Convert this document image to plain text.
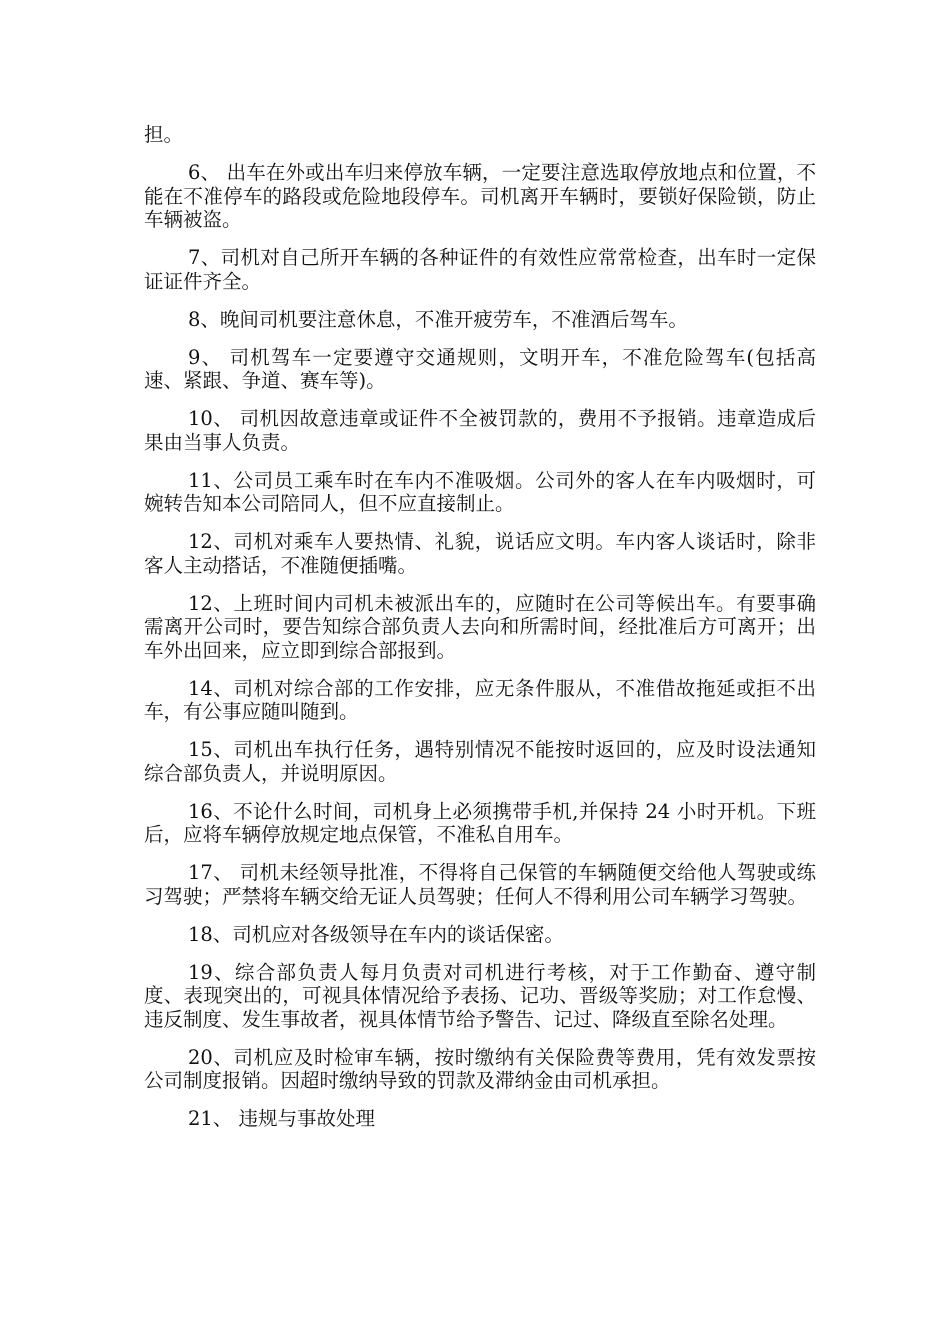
担。

6、 出车在外或出车归来停放车辆，一定要注意选取停放地点和位置，不能在不准停车的路段或危险地段停车。司机离开车辆时，要锁好保险锁，防止车辆被盗。

7、司机对自己所开车辆的各种证件的有效性应常常检查，出车时一定保证证件齐全。

8、晚间司机要注意休息，不准开疲劳车，不准酒后驾车。

9、 司机驾车一定要遵守交通规则，文明开车，不准危险驾车(包括高速、紧跟、争道、赛车等)。

10、 司机因故意违章或证件不全被罚款的，费用不予报销。违章造成后果由当事人负责。

11、公司员工乘车时在车内不准吸烟。公司外的客人在车内吸烟时，可婉转告知本公司陪同人，但不应直接制止。

12、司机对乘车人要热情、礼貌，说话应文明。车内客人谈话时，除非客人主动搭话，不准随便插嘴。

12、上班时间内司机未被派出车的，应随时在公司等候出车。有要事确需离开公司时，要告知综合部负责人去向和所需时间，经批准后方可离开；出车外出回来，应立即到综合部报到。

14、司机对综合部的工作安排，应无条件服从，不准借故拖延或拒不出车，有公事应随叫随到。

15、司机出车执行任务，遇特别情况不能按时返回的，应及时设法通知综合部负责人，并说明原因。

16、不论什么时间，司机身上必须携带手机,并保持 24 小时开机。下班后，应将车辆停放规定地点保管，不准私自用车。

17、 司机未经领导批准，不得将自己保管的车辆随便交给他人驾驶或练习驾驶；严禁将车辆交给无证人员驾驶；任何人不得利用公司车辆学习驾驶。

18、司机应对各级领导在车内的谈话保密。

19、综合部负责人每月负责对司机进行考核，对于工作勤奋、遵守制度、表现突出的，可视具体情况给予表扬、记功、晋级等奖励；对工作怠慢、违反制度、发生事故者，视具体情节给予警告、记过、降级直至除名处理。

20、司机应及时检审车辆，按时缴纳有关保险费等费用，凭有效发票按公司制度报销。因超时缴纳导致的罚款及滞纳金由司机承担。

21、 违规与事故处理
